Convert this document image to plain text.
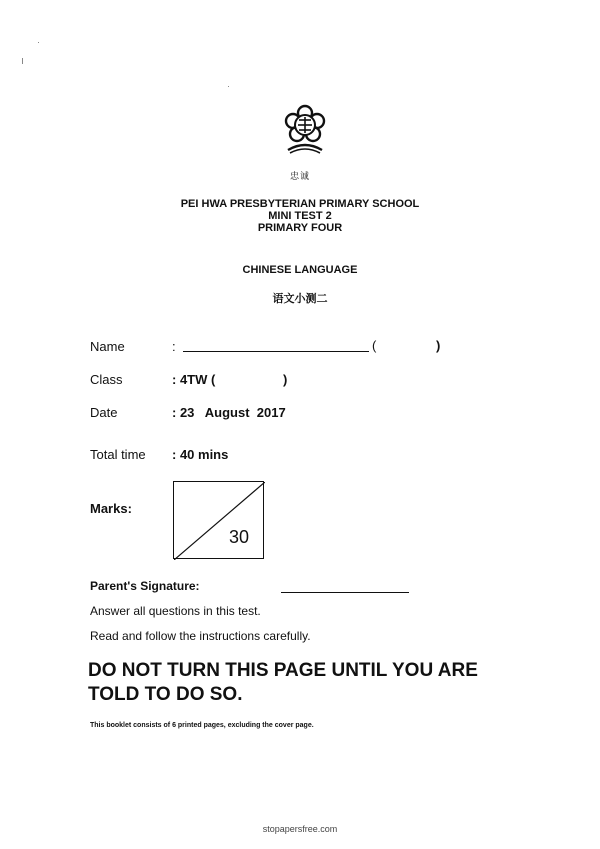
忠诚
PEI HWA PRESBYTERIAN PRIMARY SCHOOL
MINI TEST 2
PRIMARY FOUR
CHINESE LANGUAGE
语文小测二
Name	:	(	)
Class	: 4TW (	)
Date	: 23   August  2017
Total time : 40 mins
Marks:
30
Parent's Signature:
Answer all questions in this test.
Read and follow the instructions carefully.
DO NOT TURN THIS PAGE UNTIL YOU ARE
TOLD TO DO SO.
This booklet consists of 6 printed pages, excluding the cover page.
stopapersfree.com
